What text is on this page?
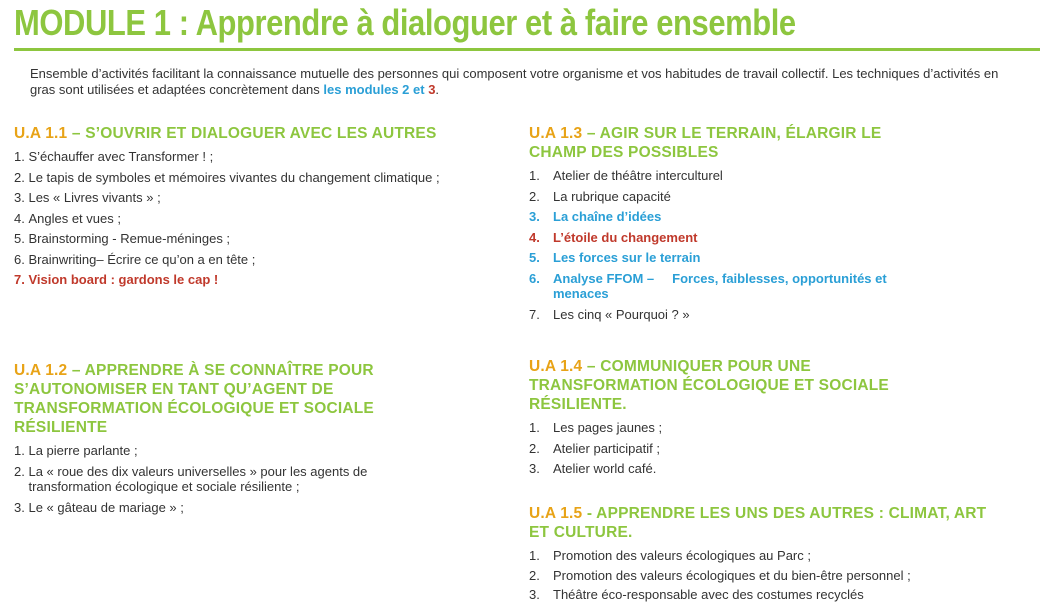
MODULE 1 : Apprendre à dialoguer et à faire ensemble

Ensemble d’activités facilitant la connaissance mutuelle des personnes qui composent votre organisme et vos habitudes de travail collectif. Les techniques d’activités en gras sont utilisées et adaptées concrètement dans les modules 2 et 3.

U.A 1.1 – S’OUVRIR ET DIALOGUER AVEC LES AUTRES
1. S’échauffer avec Transformer ! ;
2. Le tapis de symboles et mémoires vivantes du changement climatique ;
3. Les « Livres vivants » ;
4. Angles et vues ;
5. Brainstorming - Remue-méninges ;
6. Brainwriting– Écrire ce qu’on a en tête ;
7. Vision board : gardons le cap !
U.A 1.2 – APPRENDRE À SE CONNAÎTRE POUR S’AUTONOMISER EN TANT QU’AGENT DE TRANSFORMATION ÉCOLOGIQUE ET SOCIALE RÉSILIENTE
1. La pierre parlante ;
2. La « roue des dix valeurs universelles » pour les agents de transformation écologique et sociale résiliente ;
3. Le « gâteau de mariage » ;
U.A 1.3 – AGIR SUR LE TERRAIN, ÉLARGIR LE CHAMP DES POSSIBLES
1.	Atelier de théâtre interculturel
2.	La rubrique capacité
3.	La chaîne d’idées
4.	L’étoile du changement
5.	Les forces sur le terrain
6.	Analyse FFOM – Forces, faiblesses, opportunités et menaces
7.	Les cinq « Pourquoi ? »
U.A 1.4 – COMMUNIQUER POUR UNE TRANSFORMATION ÉCOLOGIQUE ET SOCIALE RÉSILIENTE.
1.	Les pages jaunes ;
2.	Atelier participatif ;
3.	Atelier world café.
U.A 1.5 - APPRENDRE LES UNS DES AUTRES : CLIMAT, ART ET CULTURE.
1.	Promotion des valeurs écologiques au Parc ;
2.	Promotion des valeurs écologiques et du bien-être personnel ;
3.	Théâtre éco-responsable avec des costumes recyclés
